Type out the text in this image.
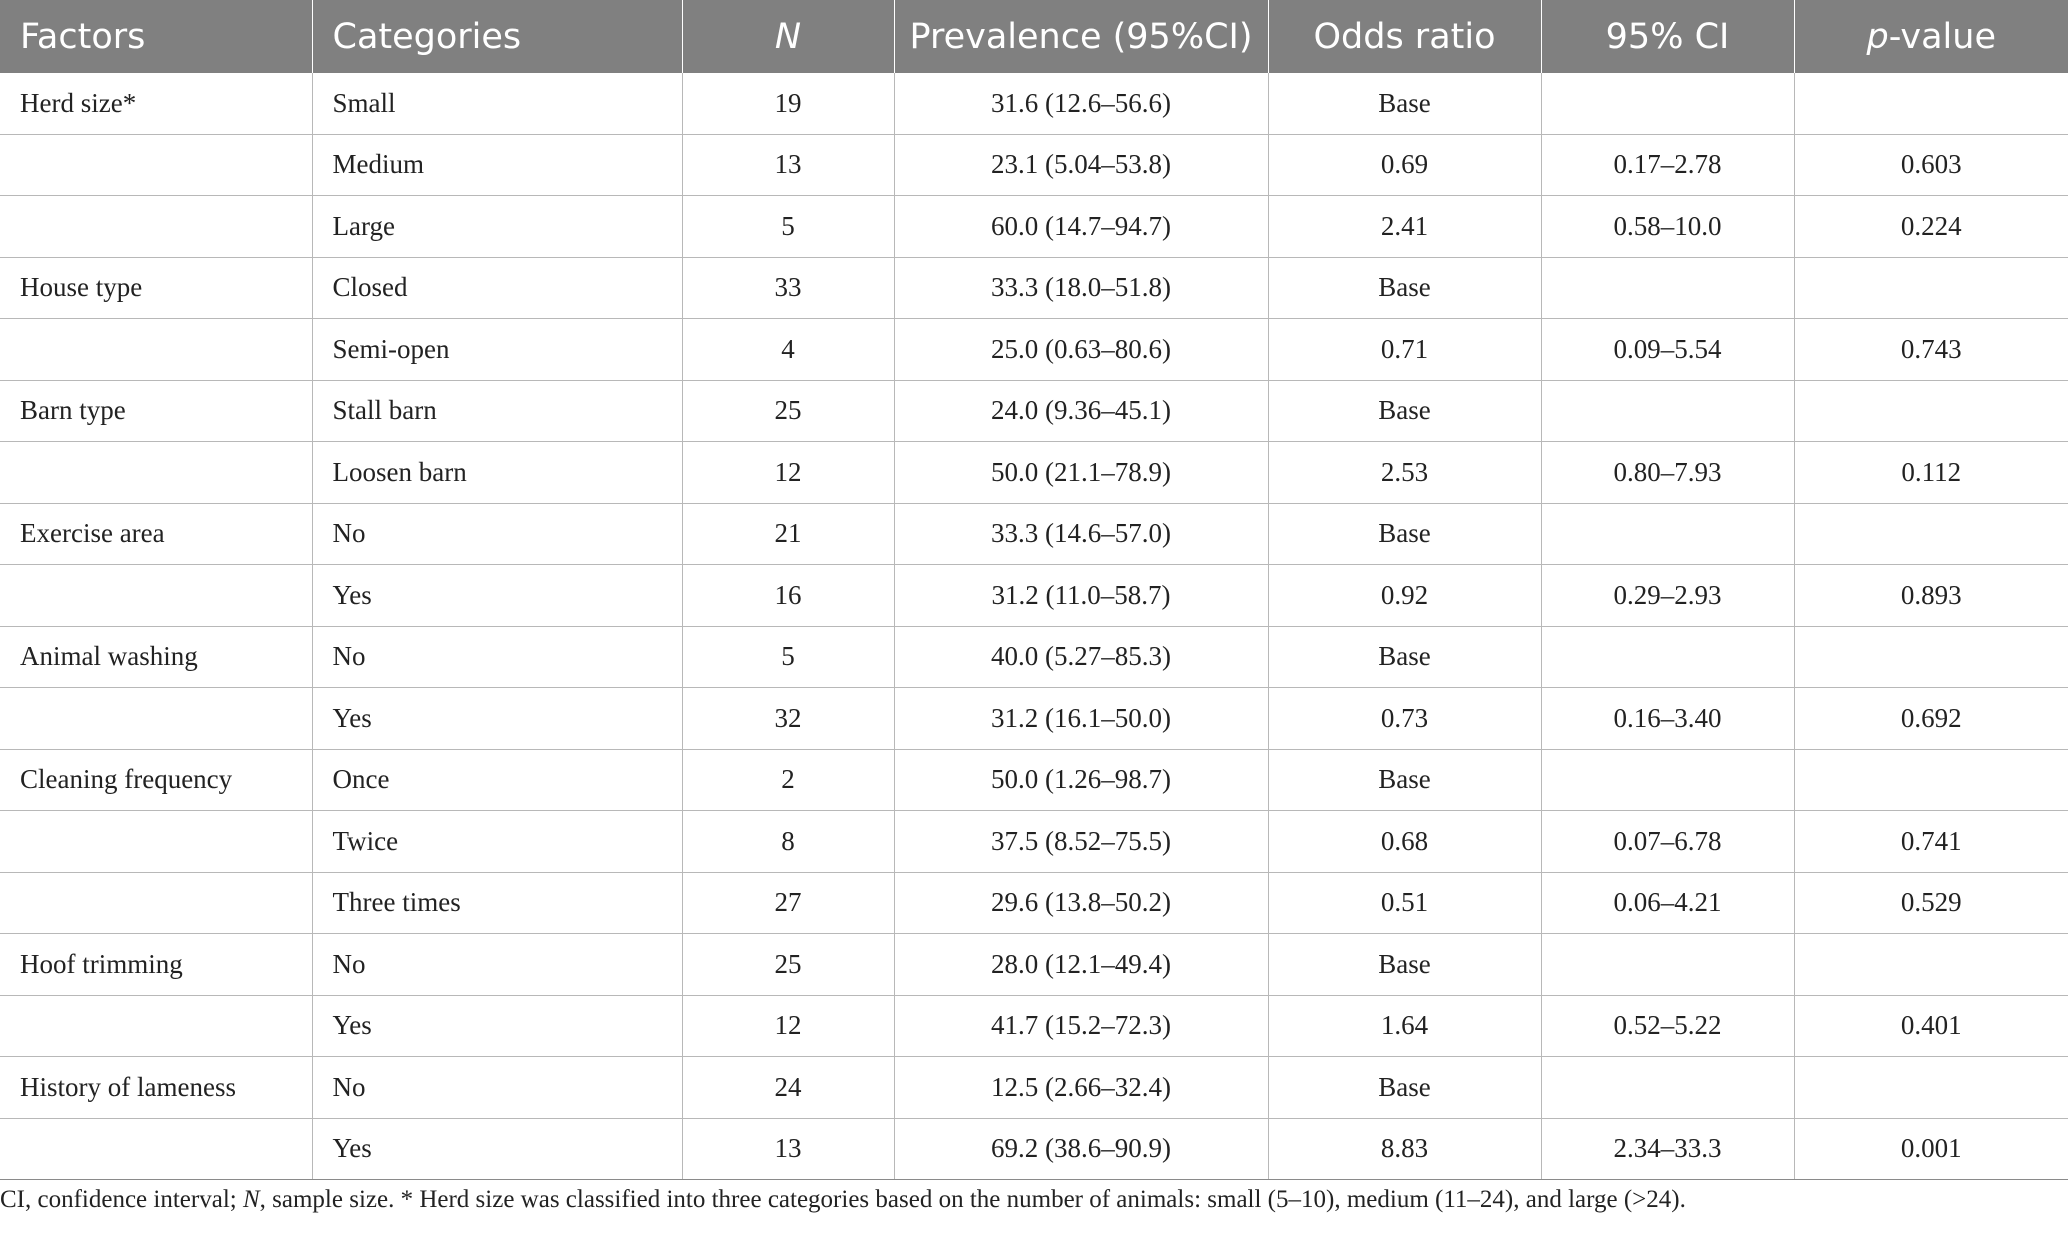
Factors	Categories	N	Prevalence (95%CI)	Odds ratio	95% CI	p-value
Herd size*	Small	19	31.6 (12.6–56.6)	Base		
	Medium	13	23.1 (5.04–53.8)	0.69	0.17–2.78	0.603
	Large	5	60.0 (14.7–94.7)	2.41	0.58–10.0	0.224
House type	Closed	33	33.3 (18.0–51.8)	Base		
	Semi-open	4	25.0 (0.63–80.6)	0.71	0.09–5.54	0.743
Barn type	Stall barn	25	24.0 (9.36–45.1)	Base		
	Loosen barn	12	50.0 (21.1–78.9)	2.53	0.80–7.93	0.112
Exercise area	No	21	33.3 (14.6–57.0)	Base		
	Yes	16	31.2 (11.0–58.7)	0.92	0.29–2.93	0.893
Animal washing	No	5	40.0 (5.27–85.3)	Base		
	Yes	32	31.2 (16.1–50.0)	0.73	0.16–3.40	0.692
Cleaning frequency	Once	2	50.0 (1.26–98.7)	Base		
	Twice	8	37.5 (8.52–75.5)	0.68	0.07–6.78	0.741
	Three times	27	29.6 (13.8–50.2)	0.51	0.06–4.21	0.529
Hoof trimming	No	25	28.0 (12.1–49.4)	Base		
	Yes	12	41.7 (15.2–72.3)	1.64	0.52–5.22	0.401
History of lameness	No	24	12.5 (2.66–32.4)	Base		
	Yes	13	69.2 (38.6–90.9)	8.83	2.34–33.3	0.001
CI, confidence interval; N, sample size. * Herd size was classified into three categories based on the number of animals: small (5–10), medium (11–24), and large (>24).
